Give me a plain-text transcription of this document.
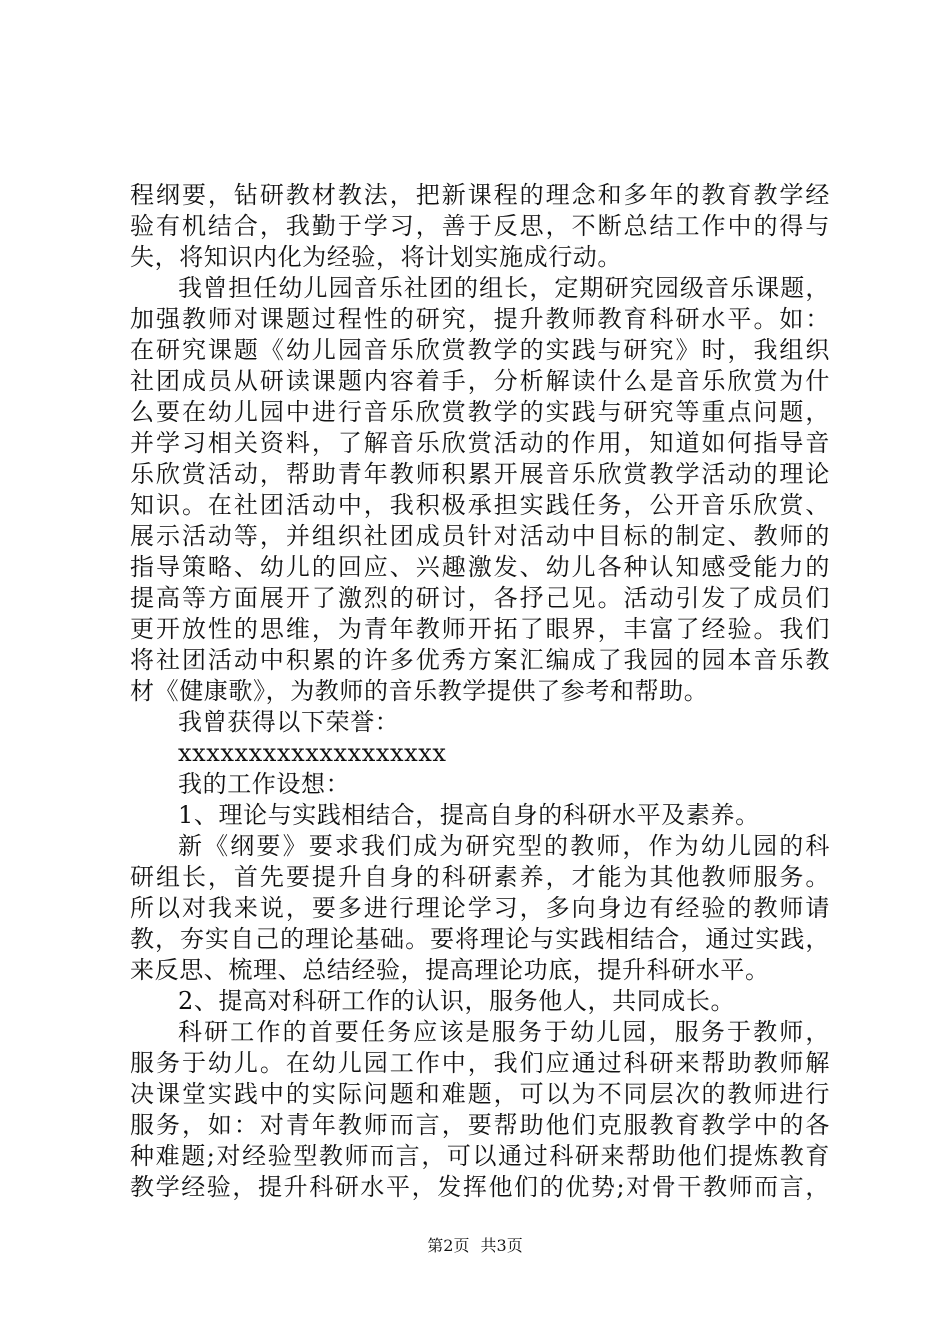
程纲要，钻研教材教法，把新课程的理念和多年的教育教学经
验有机结合，我勤于学习，善于反思，不断总结工作中的得与
失，将知识内化为经验，将计划实施成行动。
我曾担任幼儿园音乐社团的组长，定期研究园级音乐课题，
加强教师对课题过程性的研究，提升教师教育科研水平。如：
在研究课题《幼儿园音乐欣赏教学的实践与研究》时，我组织
社团成员从研读课题内容着手，分析解读什么是音乐欣赏为什
么要在幼儿园中进行音乐欣赏教学的实践与研究等重点问题，
并学习相关资料，了解音乐欣赏活动的作用，知道如何指导音
乐欣赏活动，帮助青年教师积累开展音乐欣赏教学活动的理论
知识。在社团活动中，我积极承担实践任务，公开音乐欣赏、
展示活动等，并组织社团成员针对活动中目标的制定、教师的
指导策略、幼儿的回应、兴趣激发、幼儿各种认知感受能力的
提高等方面展开了激烈的研讨，各抒己见。活动引发了成员们
更开放性的思维，为青年教师开拓了眼界，丰富了经验。我们
将社团活动中积累的许多优秀方案汇编成了我园的园本音乐教
材《健康歌》，为教师的音乐教学提供了参考和帮助。
我曾获得以下荣誉：
xxxxxxxxxxxxxxxxxxx
我的工作设想：
1、理论与实践相结合，提高自身的科研水平及素养。
新《纲要》要求我们成为研究型的教师，作为幼儿园的科
研组长，首先要提升自身的科研素养，才能为其他教师服务。
所以对我来说，要多进行理论学习，多向身边有经验的教师请
教，夯实自己的理论基础。要将理论与实践相结合，通过实践，
来反思、梳理、总结经验，提高理论功底，提升科研水平。
2、提高对科研工作的认识，服务他人，共同成长。
科研工作的首要任务应该是服务于幼儿园，服务于教师，
服务于幼儿。在幼儿园工作中，我们应通过科研来帮助教师解
决课堂实践中的实际问题和难题，可以为不同层次的教师进行
服务，如：对青年教师而言，要帮助他们克服教育教学中的各
种难题;对经验型教师而言，可以通过科研来帮助他们提炼教育
教学经验，提升科研水平，发挥他们的优势;对骨干教师而言，
第2页 共3页
